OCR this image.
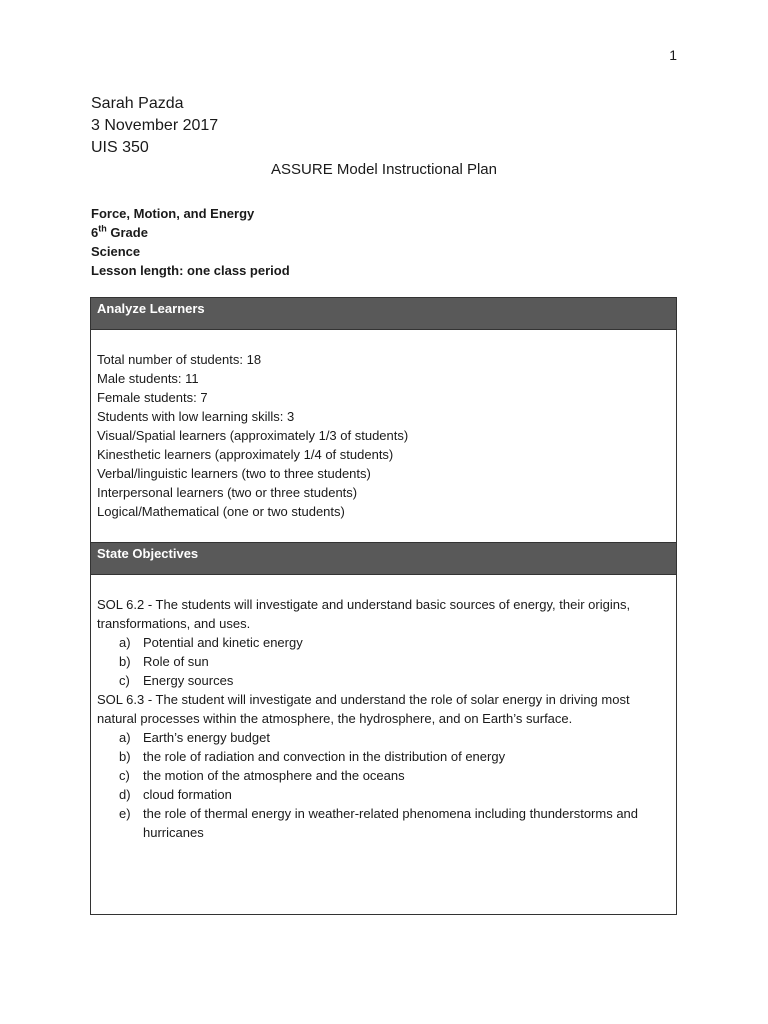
1
Sarah Pazda
3 November 2017
UIS 350
ASSURE Model Instructional Plan
Force, Motion, and Energy
6th Grade
Science
Lesson length: one class period
Analyze Learners
Total number of students: 18
Male students: 11
Female students: 7
Students with low learning skills: 3
Visual/Spatial learners (approximately 1/3 of students)
Kinesthetic learners (approximately 1/4 of students)
Verbal/linguistic learners (two to three students)
Interpersonal learners (two or three students)
Logical/Mathematical (one or two students)
State Objectives
SOL 6.2 - The students will investigate and understand basic sources of energy, their origins, transformations, and uses.
a) Potential and kinetic energy
b) Role of sun
c) Energy sources
SOL 6.3 - The student will investigate and understand the role of solar energy in driving most natural processes within the atmosphere, the hydrosphere, and on Earth’s surface.
a) Earth’s energy budget
b) the role of radiation and convection in the distribution of energy
c) the motion of the atmosphere and the oceans
d) cloud formation
e) the role of thermal energy in weather-related phenomena including thunderstorms and hurricanes
